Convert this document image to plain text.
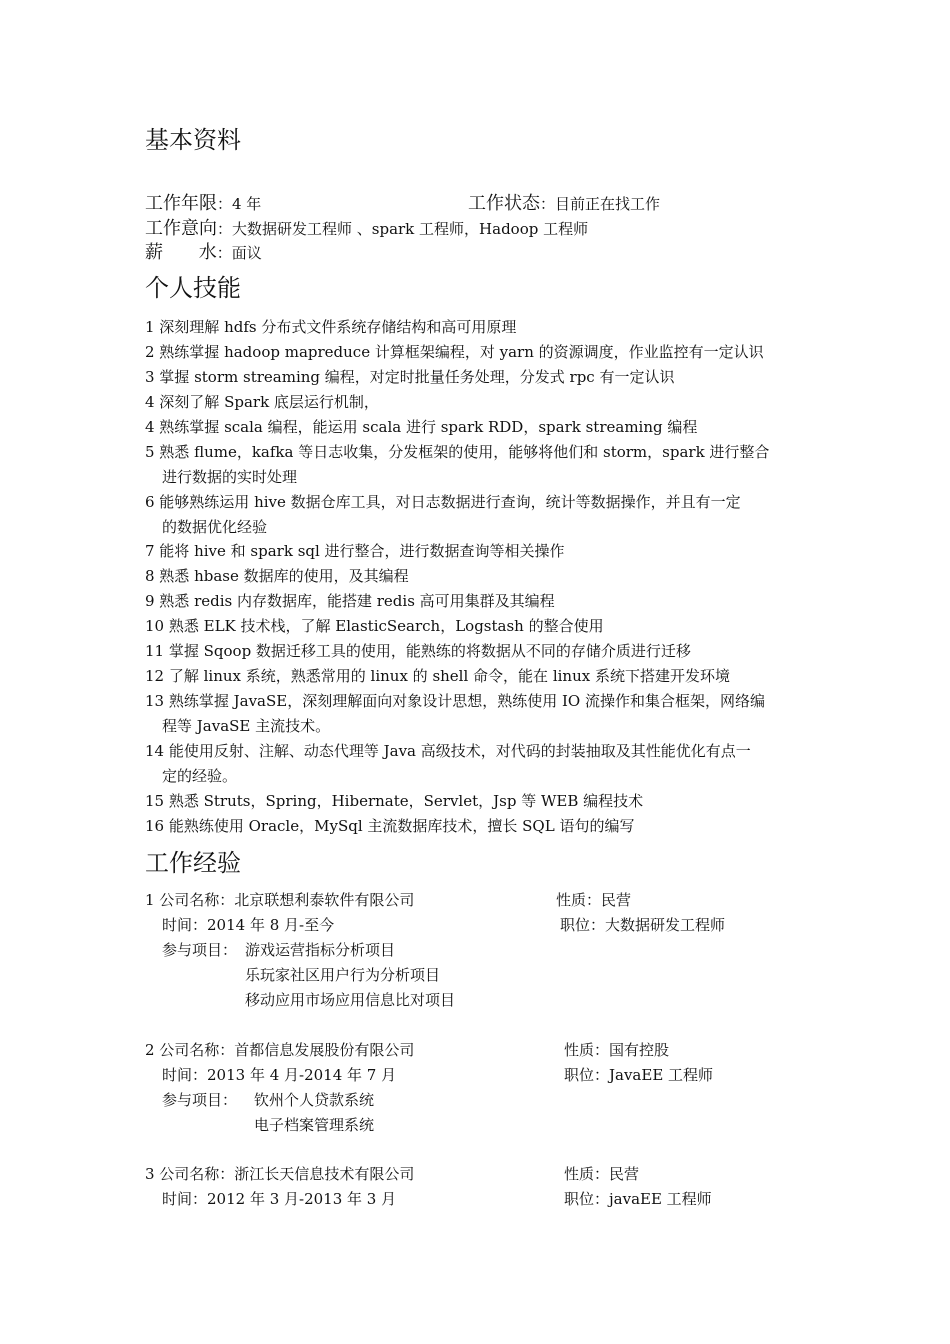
基本资料
工作年限：4 年	工作状态：目前正在找工作
工作意向：大数据研发工程师 、spark 工程师，Hadoop 工程师
薪 水：面议
个人技能
1 深刻理解 hdfs 分布式文件系统存储结构和高可用原理
2 熟练掌握 hadoop mapreduce 计算框架编程，对 yarn 的资源调度，作业监控有一定认识
3 掌握 storm streaming 编程，对定时批量任务处理，分发式 rpc 有一定认识
4 深刻了解 Spark 底层运行机制，
4 熟练掌握 scala 编程，能运用 scala 进行 spark RDD，spark streaming 编程
5 熟悉 flume，kafka 等日志收集，分发框架的使用，能够将他们和 storm，spark 进行整合
进行数据的实时处理
6 能够熟练运用 hive 数据仓库工具，对日志数据进行查询，统计等数据操作，并且有一定
的数据优化经验
7 能将 hive 和 spark sql 进行整合，进行数据查询等相关操作
8 熟悉 hbase 数据库的使用，及其编程
9 熟悉 redis 内存数据库，能搭建 redis 高可用集群及其编程
10 熟悉 ELK 技术栈，了解 ElasticSearch，Logstash 的整合使用
11 掌握 Sqoop 数据迁移工具的使用，能熟练的将数据从不同的存储介质进行迁移
12 了解 linux 系统，熟悉常用的 linux 的 shell 命令，能在 linux 系统下搭建开发环境
13 熟练掌握 JavaSE，深刻理解面向对象设计思想，熟练使用 IO 流操作和集合框架，网络编
程等 JavaSE 主流技术。
14 能使用反射、注解、动态代理等 Java 高级技术，对代码的封装抽取及其性能优化有点一
定的经验。
15 熟悉 Struts，Spring，Hibernate，Servlet，Jsp 等 WEB 编程技术
16 能熟练使用 Oracle，MySql 主流数据库技术，擅长 SQL 语句的编写
工作经验
1 公司名称：北京联想利泰软件有限公司	性质：民营
时间：2014 年 8 月-至今	职位：大数据研发工程师
参与项目： 游戏运营指标分析项目
乐玩家社区用户行为分析项目
移动应用市场应用信息比对项目
2 公司名称：首都信息发展股份有限公司	性质：国有控股
时间：2013 年 4 月-2014 年 7 月	职位：JavaEE 工程师
参与项目： 钦州个人贷款系统
电子档案管理系统
3 公司名称：浙江长天信息技术有限公司	性质：民营
时间：2012 年 3 月-2013 年 3 月	职位：javaEE 工程师
